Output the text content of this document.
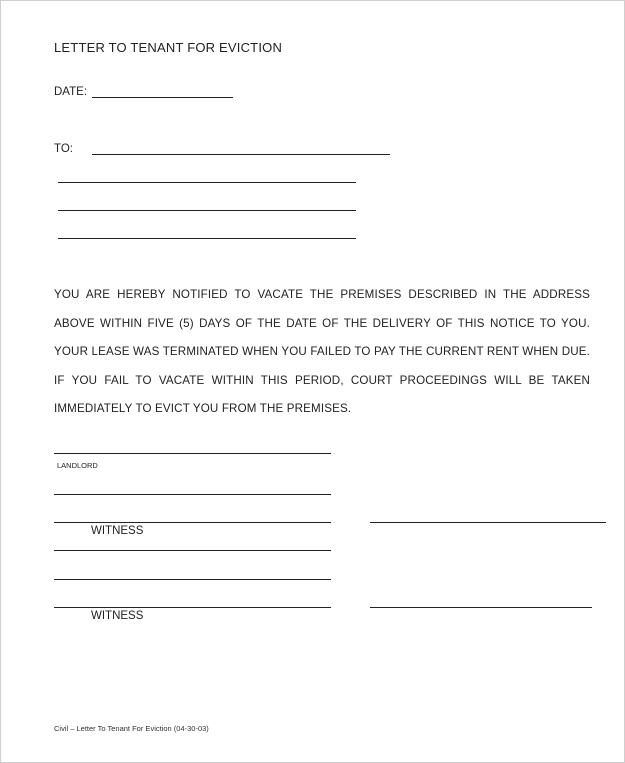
LETTER TO TENANT FOR EVICTION
DATE:
TO:
YOU ARE HEREBY NOTIFIED TO VACATE THE PREMISES DESCRIBED IN THE ADDRESS ABOVE WITHIN FIVE (5) DAYS OF THE DATE OF THE DELIVERY OF THIS NOTICE TO YOU. YOUR LEASE WAS TERMINATED WHEN YOU FAILED TO PAY THE CURRENT RENT WHEN DUE. IF YOU FAIL TO VACATE WITHIN THIS PERIOD, COURT PROCEEDINGS WILL BE TAKEN IMMEDIATELY TO EVICT YOU FROM THE PREMISES.
LANDLORD
WITNESS
WITNESS
Civil – Letter To Tenant For Eviction (04-30-03)
